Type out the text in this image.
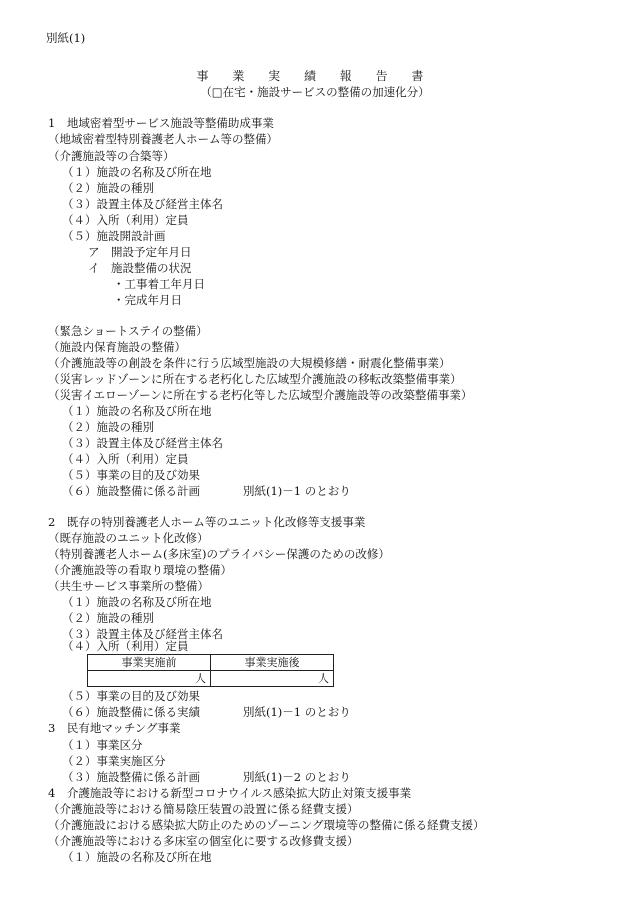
別紙(1)
事 業 実 績 報 告 書
（□在宅・施設サービスの整備の加速化分）
1　地域密着型サービス施設等整備助成事業
（地域密着型特別養護老人ホーム等の整備）
（介護施設等の合築等）
（１）施設の名称及び所在地
（２）施設の種別
（３）設置主体及び経営主体名
（４）入所（利用）定員
（５）施設開設計画
ア　開設予定年月日
イ　施設整備の状況
・工事着工年月日
・完成年月日
（緊急ショートステイの整備）
（施設内保育施設の整備）
（介護施設等の創設を条件に行う広域型施設の大規模修繕・耐震化整備事業）
（災害レッドゾーンに所在する老朽化した広域型介護施設の移転改築整備事業）
（災害イエローゾーンに所在する老朽化等した広域型介護施設等の改築整備事業）
（１）施設の名称及び所在地
（２）施設の種別
（３）設置主体及び経営主体名
（４）入所（利用）定員
（５）事業の目的及び効果
（６）施設整備に係る計画	別紙(1)－1 のとおり
2　既存の特別養護老人ホーム等のユニット化改修等支援事業
（既存施設のユニット化改修）
（特別養護老人ホーム(多床室)のプライバシー保護のための改修）
（介護施設等の看取り環境の整備）
（共生サービス事業所の整備）
（１）施設の名称及び所在地
（２）施設の種別
（３）設置主体及び経営主体名
（４）入所（利用）定員
事業実施前	事業実施後
人	人
（５）事業の目的及び効果
（６）施設整備に係る実績	別紙(1)－1 のとおり
3　民有地マッチング事業
（１）事業区分
（２）事業実施区分
（３）施設整備に係る計画	別紙(1)－2 のとおり
4　介護施設等における新型コロナウイルス感染拡大防止対策支援事業
（介護施設等における簡易陰圧装置の設置に係る経費支援）
（介護施設における感染拡大防止のためのゾーニング環境等の整備に係る経費支援）
（介護施設等における多床室の個室化に要する改修費支援）
（１）施設の名称及び所在地
